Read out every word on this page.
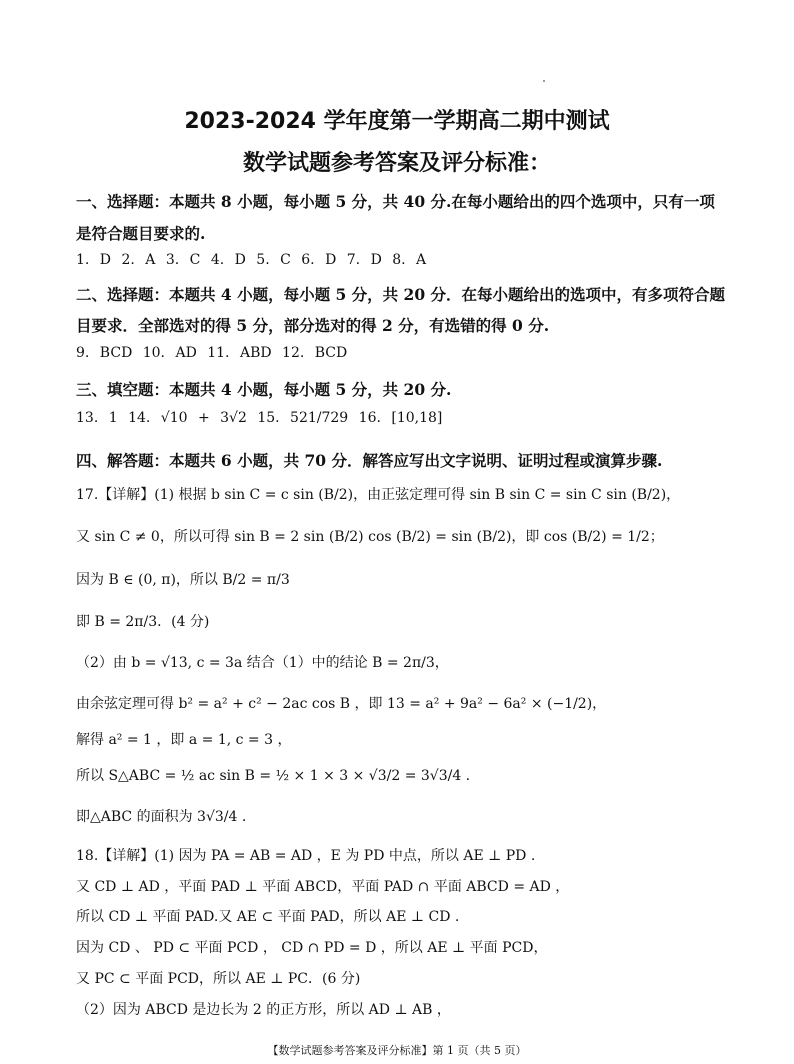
2023-2024 学年度第一学期高二期中测试
数学试题参考答案及评分标准：
一、选择题：本题共 8 小题，每小题 5 分，共 40 分.在每小题给出的四个选项中，只有一项
是符合题目要求的.
1. D 2. A 3. C 4. D 5. C 6. D 7. D 8. A
二、选择题：本题共 4 小题，每小题 5 分，共 20 分．在每小题给出的选项中，有多项符合题
目要求．全部选对的得 5 分，部分选对的得 2 分，有选错的得 0 分.
9. BCD 10. AD 11. ABD 12. BCD
三、填空题：本题共 4 小题，每小题 5 分，共 20 分.
13. 1 14. √10 + 3√2 15. 521/729 16. [10,18]
四、解答题：本题共 6 小题，共 70 分．解答应写出文字说明、证明过程或演算步骤.
17.【详解】(1) 根据 b sin C = c sin (B/2)，由正弦定理可得 sin B sin C = sin C sin (B/2)，
又 sin C ≠ 0，所以可得 sin B = 2 sin (B/2) cos (B/2) = sin (B/2)，即 cos (B/2) = 1/2；
因为 B ∈ (0, π)，所以 B/2 = π/3
即 B = 2π/3．(4 分)
（2）由 b = √13, c = 3a 结合（1）中的结论 B = 2π/3，
由余弦定理可得 b² = a² + c² − 2ac cos B ，即 13 = a² + 9a² − 6a² × (−1/2)，
解得 a² = 1 ，即 a = 1, c = 3 ，
所以 S△ABC = ½ ac sin B = ½ × 1 × 3 × √3/2 = 3√3/4 .
即△ABC 的面积为 3√3/4 .
18.【详解】(1) 因为 PA = AB = AD ，E 为 PD 中点，所以 AE ⊥ PD .
又 CD ⊥ AD ，平面 PAD ⊥ 平面 ABCD，平面 PAD ∩ 平面 ABCD = AD ，
所以 CD ⊥ 平面 PAD.又 AE ⊂ 平面 PAD，所以 AE ⊥ CD .
因为 CD 、 PD ⊂ 平面 PCD ， CD ∩ PD = D ，所以 AE ⊥ 平面 PCD，
又 PC ⊂ 平面 PCD，所以 AE ⊥ PC．(6 分)
（2）因为 ABCD 是边长为 2 的正方形，所以 AD ⊥ AB ，
【数学试题参考答案及评分标准】第 1 页（共 5 页）
